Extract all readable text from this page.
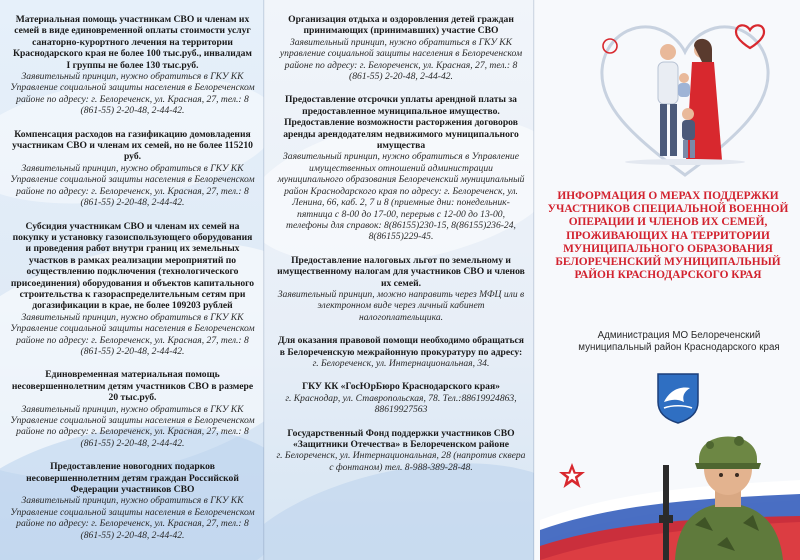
Материальная помощь участникам СВО и членам их семей в виде единовременной оплаты стоимости услуг санаторно-курортного лечения на территории Краснодарского края не более 100 тыс.руб., инвалидам I группы не более 130 тыс.руб.
Заявительный принцип, нужно обратиться в ГКУ КК Управление социальной защиты населения в Белореченском районе по адресу: г. Белореченск, ул. Красная, 27, тел.: 8 (861-55) 2-20-48, 2-44-42.
Компенсация расходов на газификацию домовладения участникам СВО и членам их семей, но не более 115210 руб.
Заявительный принцип, нужно обратиться в ГКУ КК Управление социальной защиты населения в Белореченском районе по адресу: г. Белореченск, ул. Красная, 27, тел.: 8 (861-55) 2-20-48, 2-44-42.
Субсидия участникам СВО и членам их семей на покупку и установку газоиспользующего оборудования и проведения работ внутри границ их земельных участков в рамках реализации мероприятий по осуществлению подключения (технологического присоединения) оборудования и объектов капитального строительства к газораспределительным сетям при догазификации в крае, не более 109203 рублей
Заявительный принцип, нужно обратиться в ГКУ КК Управление социальной защиты населения в Белореченском районе по адресу: г. Белореченск, ул. Красная, 27, тел.: 8 (861-55) 2-20-48, 2-44-42.
Единовременная материальная помощь несовершеннолетним детям участников СВО в размере 20 тыс.руб.
Заявительный принцип, нужно обратиться в ГКУ КК Управление социальной защиты населения в Белореченском районе по адресу: г. Белореченск, ул. Красная, 27, тел.: 8 (861-55) 2-20-48, 2-44-42.
Предоставление новогодних подарков несовершеннолетним детям граждан Российской Федерации участников СВО
Заявительный принцип, нужно обратиться в ГКУ КК Управление социальной защиты населения в Белореченском районе по адресу: г. Белореченск, ул. Красная, 27, тел.: 8 (861-55) 2-20-48, 2-44-42.
Организация отдыха и оздоровления детей граждан принимающих (принимавших) участие СВО
Заявительный принцип, нужно обратиться в ГКУ КК управление социальной защиты населения в Белореченском районе по адресу: г. Белореченск, ул. Красная, 27, тел.: 8 (861-55) 2-20-48, 2-44-42.
Предоставление отсрочки уплаты арендной платы за предоставленное муниципальное имущество. Предоставление возможности расторжения договоров аренды арендодателям недвижимого муниципального имущества
Заявительный принцип, нужно обратиться в Управление имущественных отношений администрации муниципального образования Белореченский муниципальный район Краснодарского края по адресу: г. Белореченск, ул. Ленина, 66, каб. 2, 7 и 8 (приемные дни: понедельник-пятница с 8-00 до 17-00, перерыв с 12-00 до 13-00, телефоны для справок: 8(86155)230-15, 8(86155)236-24, 8(86155)229-45.
Предоставление налоговых льгот по земельному и имущественному налогам для участников СВО и членов их семей.
Заявительный принцип, можно направить через МФЦ или в электронном виде через личный кабинет налогоплательщика.
Для оказания правовой помощи необходимо обращаться в Белореченскую межрайонную прокуратуру по адресу:
г. Белореченск, ул. Интернациональная, 34.
ГКУ КК «ГосЮрБюро Краснодарского края»
г. Краснодар, ул. Ставропольская, 78. Тел.:88619924863, 88619927563
Государственный Фонд поддержки участников СВО «Защитники Отечества» в Белореченском районе
г. Белореченск, ул. Интернациональная, 28 (напротив сквера с фонтаном) тел. 8-988-389-28-48.
ИНФОРМАЦИЯ О МЕРАХ ПОДДЕРЖКИ УЧАСТНИКОВ СПЕЦИАЛЬНОЙ ВОЕННОЙ ОПЕРАЦИИ И ЧЛЕНОВ ИХ СЕМЕЙ, ПРОЖИВАЮЩИХ НА ТЕРРИТОРИИ МУНИЦИПАЛЬНОГО ОБРАЗОВАНИЯ БЕЛОРЕЧЕНСКИЙ МУНИЦИПАЛЬНЫЙ РАЙОН КРАСНОДАРСКОГО КРАЯ
Администрация МО Белореченский муниципальный район Краснодарского края
